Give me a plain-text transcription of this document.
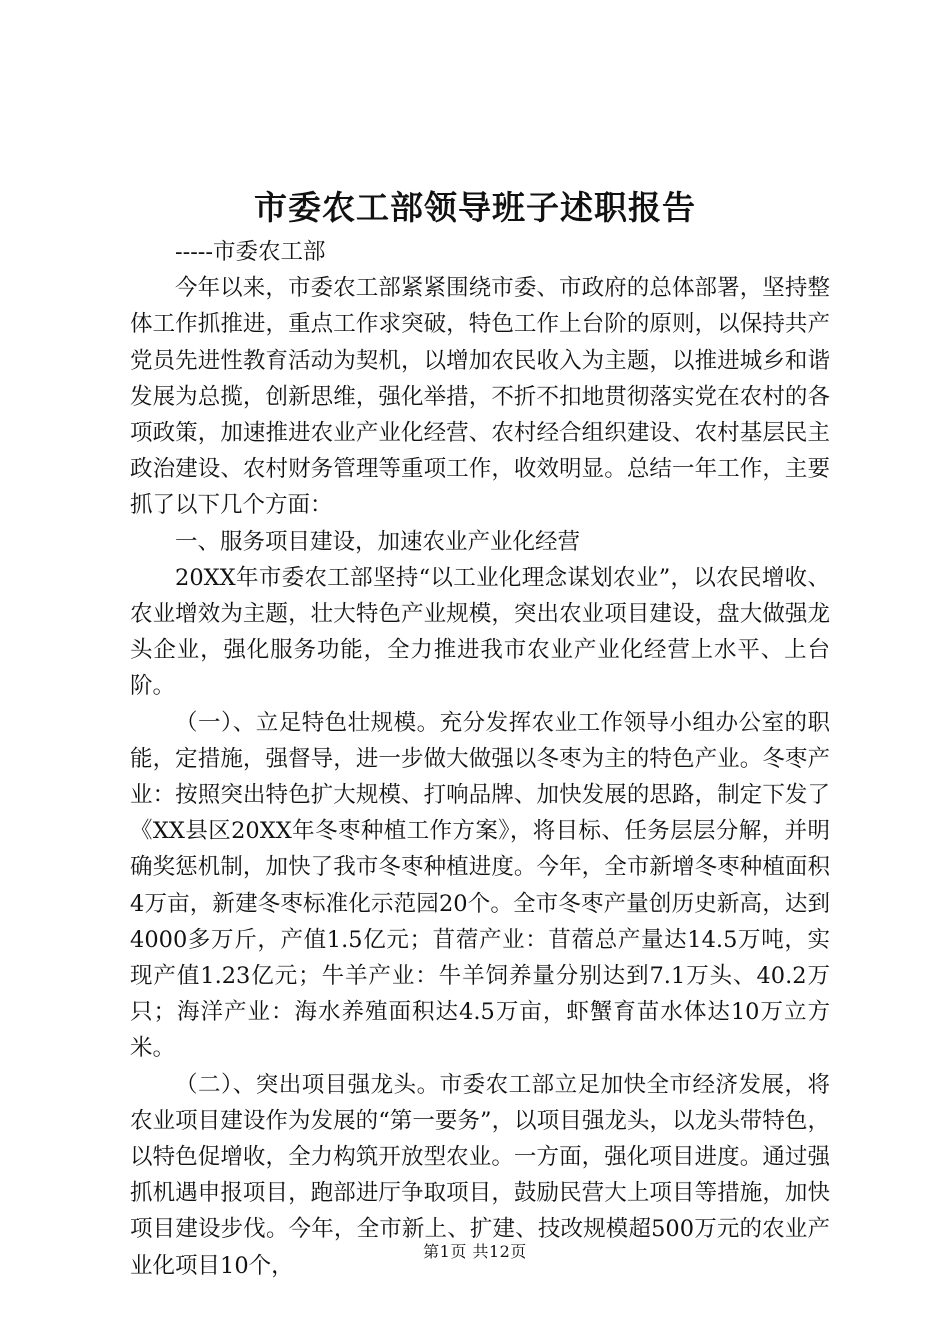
市委农工部领导班子述职报告

-----市委农工部

今年以来，市委农工部紧紧围绕市委、市政府的总体部署，坚持整体工作抓推进，重点工作求突破，特色工作上台阶的原则，以保持共产党员先进性教育活动为契机，以增加农民收入为主题，以推进城乡和谐发展为总揽，创新思维，强化举措，不折不扣地贯彻落实党在农村的各项政策，加速推进农业产业化经营、农村经合组织建设、农村基层民主政治建设、农村财务管理等重项工作，收效明显。总结一年工作，主要抓了以下几个方面：

一、服务项目建设，加速农业产业化经营

20XX年市委农工部坚持“以工业化理念谋划农业”，以农民增收、农业增效为主题，壮大特色产业规模，突出农业项目建设，盘大做强龙头企业，强化服务功能，全力推进我市农业产业化经营上水平、上台阶。

（一）、立足特色壮规模。充分发挥农业工作领导小组办公室的职能，定措施，强督导，进一步做大做强以冬枣为主的特色产业。冬枣产业：按照突出特色扩大规模、打响品牌、加快发展的思路，制定下发了《XX县区20XX年冬枣种植工作方案》，将目标、任务层层分解，并明确奖惩机制，加快了我市冬枣种植进度。今年，全市新增冬枣种植面积4万亩，新建冬枣标准化示范园20个。全市冬枣产量创历史新高，达到4000多万斤，产值1.5亿元；苜蓿产业：苜蓿总产量达14.5万吨，实现产值1.23亿元；牛羊产业：牛羊饲养量分别达到7.1万头、40.2万只；海洋产业：海水养殖面积达4.5万亩，虾蟹育苗水体达10万立方米。

（二）、突出项目强龙头。市委农工部立足加快全市经济发展，将农业项目建设作为发展的“第一要务”，以项目强龙头，以龙头带特色，以特色促增收，全力构筑开放型农业。一方面，强化项目进度。通过强抓机遇申报项目，跑部进厅争取项目，鼓励民营大上项目等措施，加快项目建设步伐。今年，全市新上、扩建、技改规模超500万元的农业产业化项目10个，

第1页 共12页
